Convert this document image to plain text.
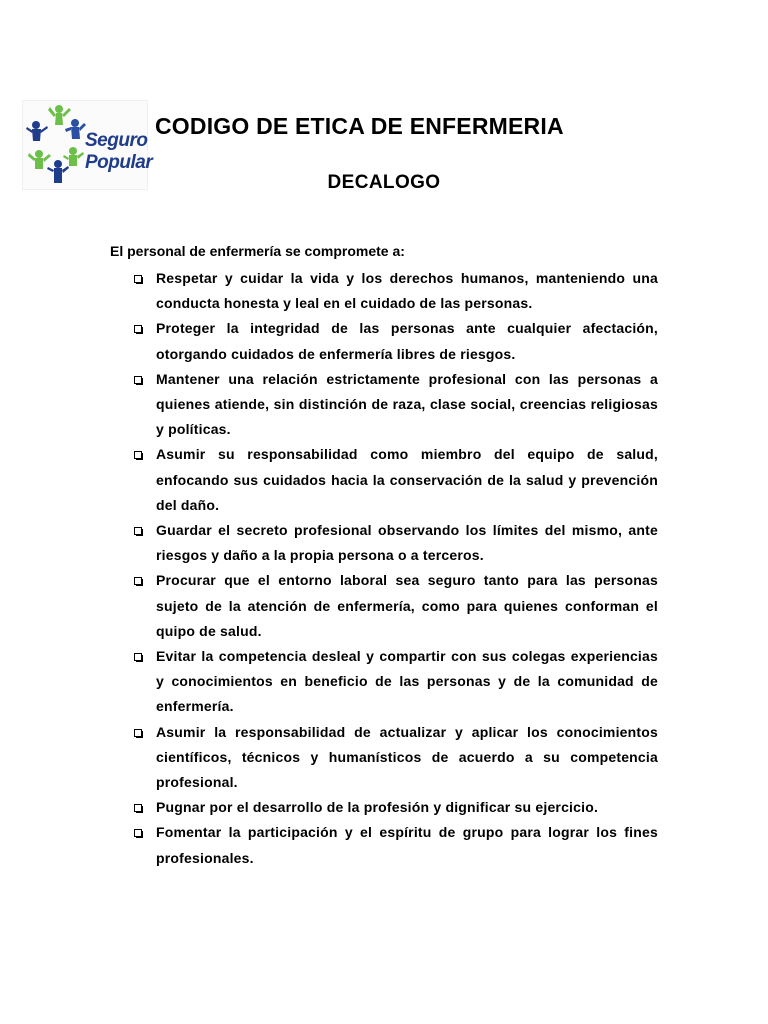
Seguro
Popular
CODIGO DE ETICA DE ENFERMERIA
DECALOGO
El personal de enfermería se compromete a:
Respetar y cuidar la vida y los derechos humanos, manteniendo una conducta honesta y leal en el cuidado de las personas.
Proteger la integridad de las personas ante cualquier afectación, otorgando cuidados de enfermería libres de riesgos.
Mantener una relación estrictamente profesional con las personas a quienes atiende, sin distinción de raza, clase social, creencias religiosas y políticas.
Asumir su responsabilidad como miembro del equipo de salud, enfocando sus cuidados hacia la conservación de la salud y prevención del daño.
Guardar el secreto profesional observando los límites del mismo, ante riesgos y daño a la propia persona o a terceros.
Procurar que el entorno laboral sea seguro tanto para las personas sujeto de la atención de enfermería, como para quienes conforman el quipo de salud.
Evitar la competencia desleal y compartir con sus colegas experiencias y conocimientos en beneficio de las personas y de la comunidad de enfermería.
Asumir la responsabilidad de actualizar y aplicar los conocimientos científicos, técnicos y humanísticos de acuerdo a su competencia profesional.
Pugnar por el desarrollo de la profesión y dignificar su ejercicio.
Fomentar la participación y el espíritu de grupo para lograr los fines profesionales.
